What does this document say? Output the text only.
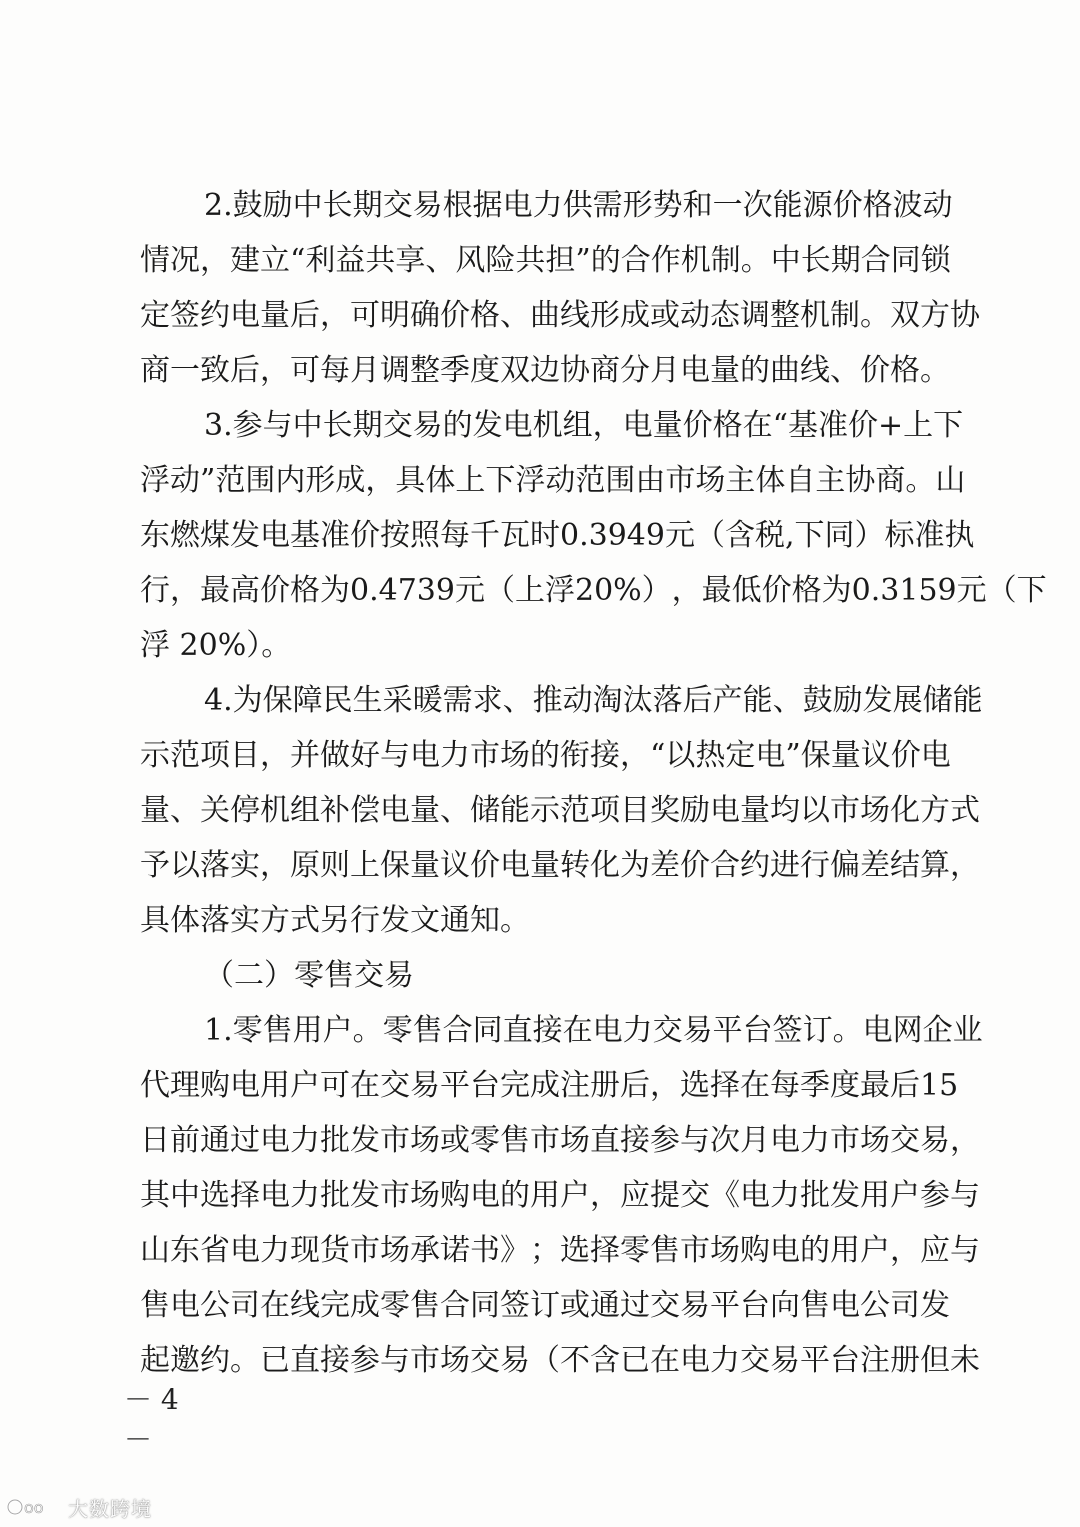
2. 鼓 励 中 长 期 交 易 根 据 电 力 供 需 形 势 和 一 次 能 源 价 格 波 动
情 况 ， 建 立 “ 利 益 共 享 、 风 险 共 担 ” 的 合 作 机 制 。 中 长 期 合 同 锁
定 签 约 电 量 后 ， 可 明 确 价 格 、 曲 线 形 成 或 动 态 调 整 机 制 。 双 方 协
商一致后，可每月调整季度双边协商分月电量的曲线、价格。
3. 参 与 中 长 期 交 易 的 发 电 机 组 ， 电 量 价 格 在 “ 基 准 价 + 上 下
浮 动 ” 范 围 内 形 成 ， 具 体 上 下 浮 动 范 围 由 市 场 主 体 自 主 协 商 。 山
东 燃 煤 发 电 基 准 价 按 照 每 千 瓦 时 0.3949 元 （ 含 税 , 下 同 ） 标 准 执
行 ， 最 高 价 格 为 0.4739 元 （ 上 浮 20% ） ， 最 低 价 格 为 0.3159 元 （ 下
浮 20%）。
4. 为 保 障 民 生 采 暖 需 求 、 推 动 淘 汰 落 后 产 能 、 鼓 励 发 展 储 能
示 范 项 目 ， 并 做 好 与 电 力 市 场 的 衔 接 ， “ 以 热 定 电 ” 保 量 议 价 电
量 、 关 停 机 组 补 偿 电 量 、 储 能 示 范 项 目 奖 励 电 量 均 以 市 场 化 方 式
予 以 落 实 ， 原 则 上 保 量 议 价 电 量 转 化 为 差 价 合 约 进 行 偏 差 结 算 ，
具体落实方式另行发文通知。
（二）零售交易
1. 零 售 用 户 。 零 售 合 同 直 接 在 电 力 交 易 平 台 签 订 。 电 网 企 业
代 理 购 电 用 户 可 在 交 易 平 台 完 成 注 册 后 ， 选 择 在 每 季 度 最 后 15
日 前 通 过 电 力 批 发 市 场 或 零 售 市 场 直 接 参 与 次 月 电 力 市 场 交 易 ，
其 中 选 择 电 力 批 发 市 场 购 电 的 用 户 ， 应 提 交 《 电 力 批 发 用 户 参 与
山 东 省 电 力 现 货 市 场 承 诺 书 》 ； 选 择 零 售 市 场 购 电 的 用 户 ， 应 与
售 电 公 司 在 线 完 成 零 售 合 同 签 订 或 通 过 交 易 平 台 向 售 电 公 司 发
起 邀 约 。 已 直 接 参 与 市 场 交 易 （ 不 含 已 在 电 力 交 易 平 台 注 册 但 未
－ 4 －
oo 大数跨境
